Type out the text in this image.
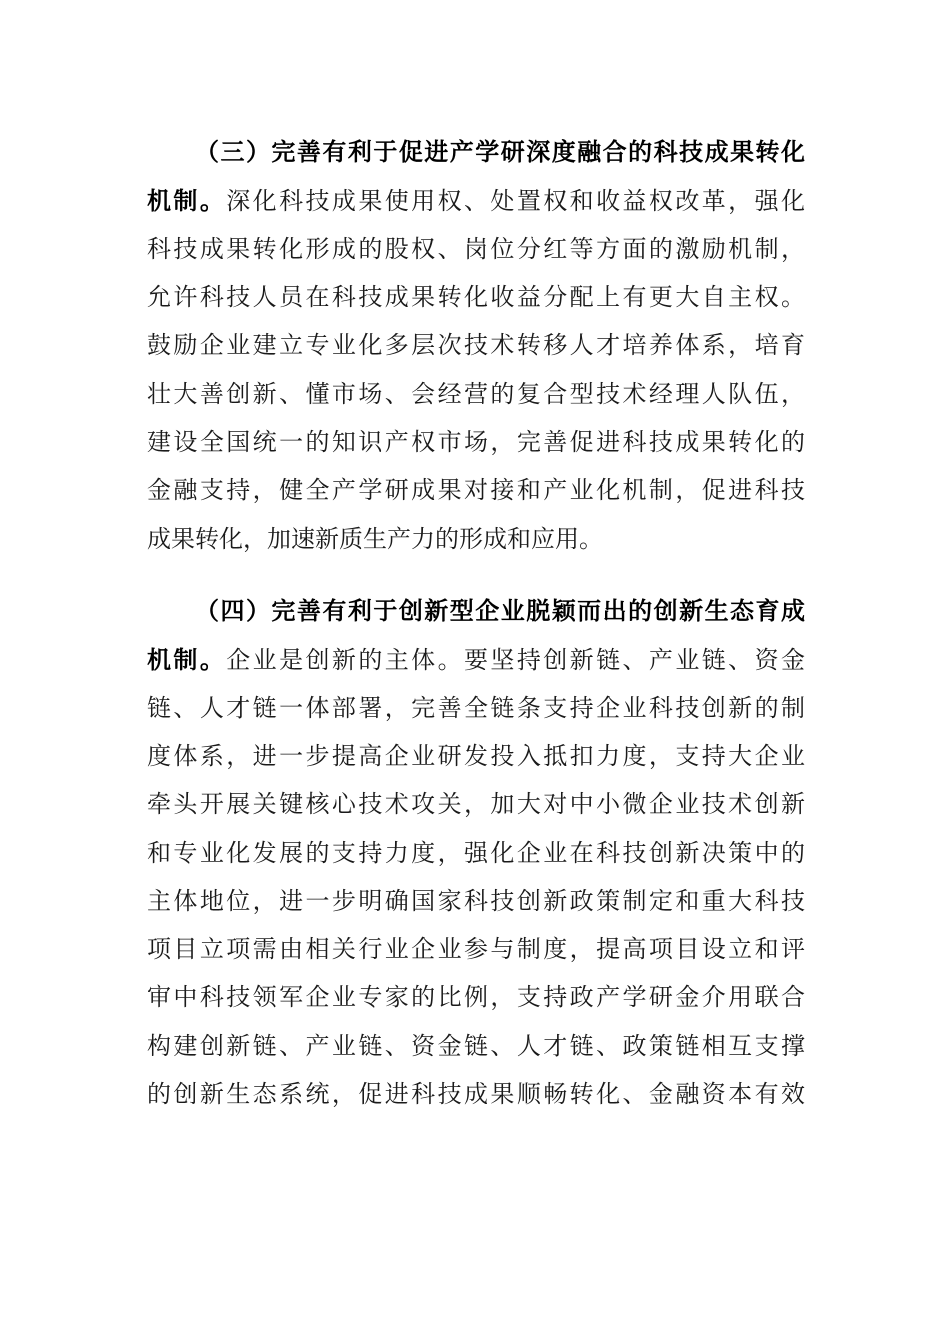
（三）完善有利于促进产学研深度融合的科技成果转化
机制。深化科技成果使用权、处置权和收益权改革，强化
科技成果转化形成的股权、岗位分红等方面的激励机制，
允许科技人员在科技成果转化收益分配上有更大自主权。
鼓励企业建立专业化多层次技术转移人才培养体系，培育
壮大善创新、懂市场、会经营的复合型技术经理人队伍，
建设全国统一的知识产权市场，完善促进科技成果转化的
金融支持，健全产学研成果对接和产业化机制，促进科技
成果转化，加速新质生产力的形成和应用。
（四）完善有利于创新型企业脱颖而出的创新生态育成
机制。企业是创新的主体。要坚持创新链、产业链、资金
链、人才链一体部署，完善全链条支持企业科技创新的制
度体系，进一步提高企业研发投入抵扣力度，支持大企业
牵头开展关键核心技术攻关，加大对中小微企业技术创新
和专业化发展的支持力度，强化企业在科技创新决策中的
主体地位，进一步明确国家科技创新政策制定和重大科技
项目立项需由相关行业企业参与制度，提高项目设立和评
审中科技领军企业专家的比例，支持政产学研金介用联合
构建创新链、产业链、资金链、人才链、政策链相互支撑
的创新生态系统，促进科技成果顺畅转化、金融资本有效
